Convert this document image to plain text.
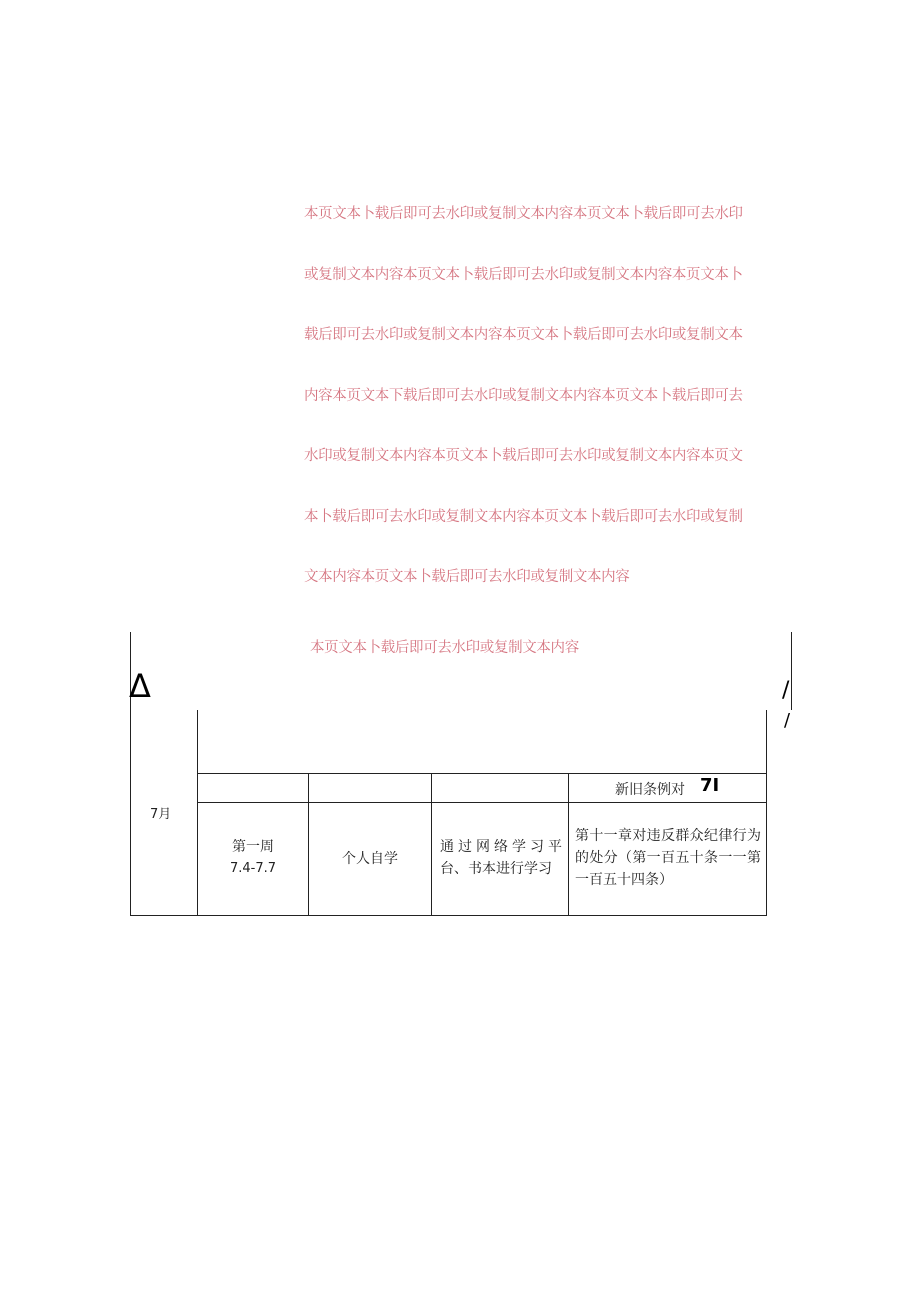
本页文本卜载后即可去水印或复制文本内容本页文本卜载后即可去水印
或复制文本内容本页文本卜载后即可去水印或复制文本内容本页文本卜
载后即可去水印或复制文本内容本页文本卜载后即可去水印或复制文本
内容本页文本下载后即可去水印或复制文本内容本页文本卜载后即可去
水印或复制文本内容本页文本卜载后即可去水印或复制文本内容本页文
本卜载后即可去水印或复制文本内容本页文本卜载后即可去水印或复制
文本内容本页文本卜载后即可去水印或复制文本内容
本页文本卜载后即可去水印或复制文本内容
Δ	/
/
7月
新旧条例对 7I
第一周
7.4-7.7
个人自学
通过网络学习平台、书本进行学习
第十一章对违反群众纪律行为的处分（第一百五十条一一第一百五十四条）
